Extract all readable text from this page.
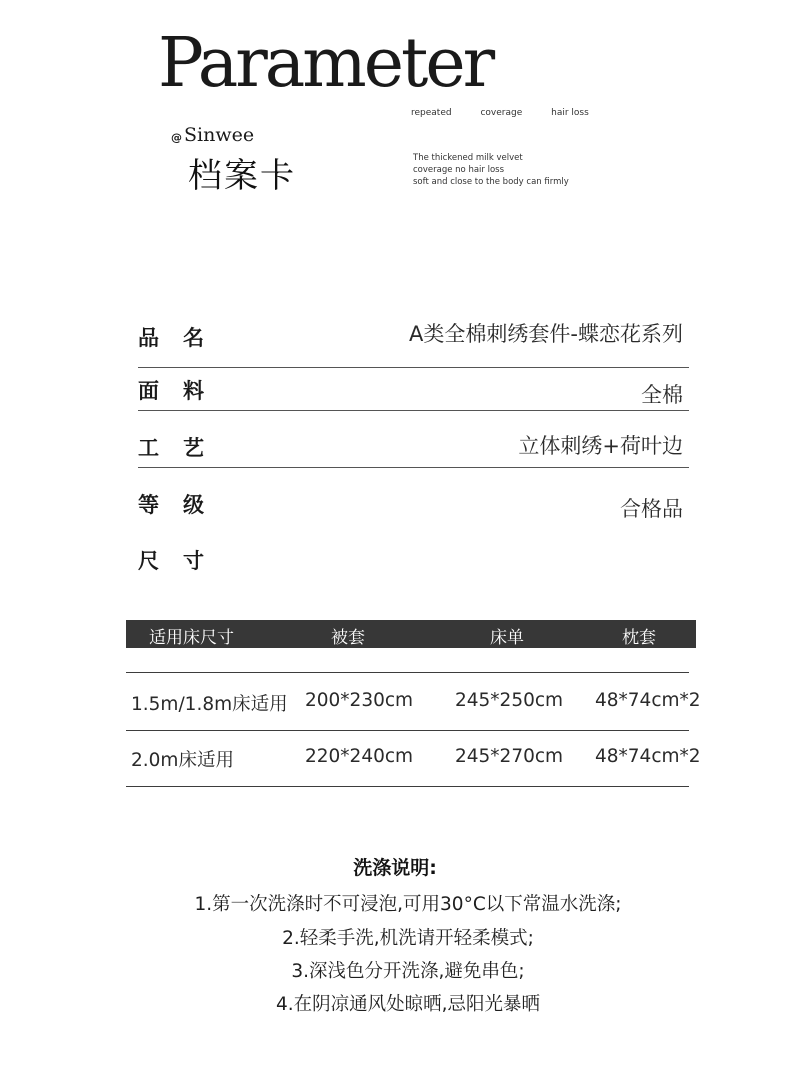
Parameter
repeated	coverage	hair loss
@ Sinwee
档案卡	The thickened milk velvet
coverage no hair loss
soft and close to the body can firmly
品名	A类全棉刺绣套件-蝶恋花系列
面料	全棉
工艺	立体刺绣+荷叶边
等级	合格品
尺寸
适用床尺寸	被套	床单	枕套
1.5m/1.8m床适用 200*230cm 245*250cm 48*74cm*2
2.0m床适用	220*240cm 245*270cm 48*74cm*2
洗涤说明:
1.第一次洗涤时不可浸泡,可用30°C以下常温水洗涤;
2.轻柔手洗,机洗请开轻柔模式;
3.深浅色分开洗涤,避免串色;
4.在阴凉通风处晾晒,忌阳光暴晒
